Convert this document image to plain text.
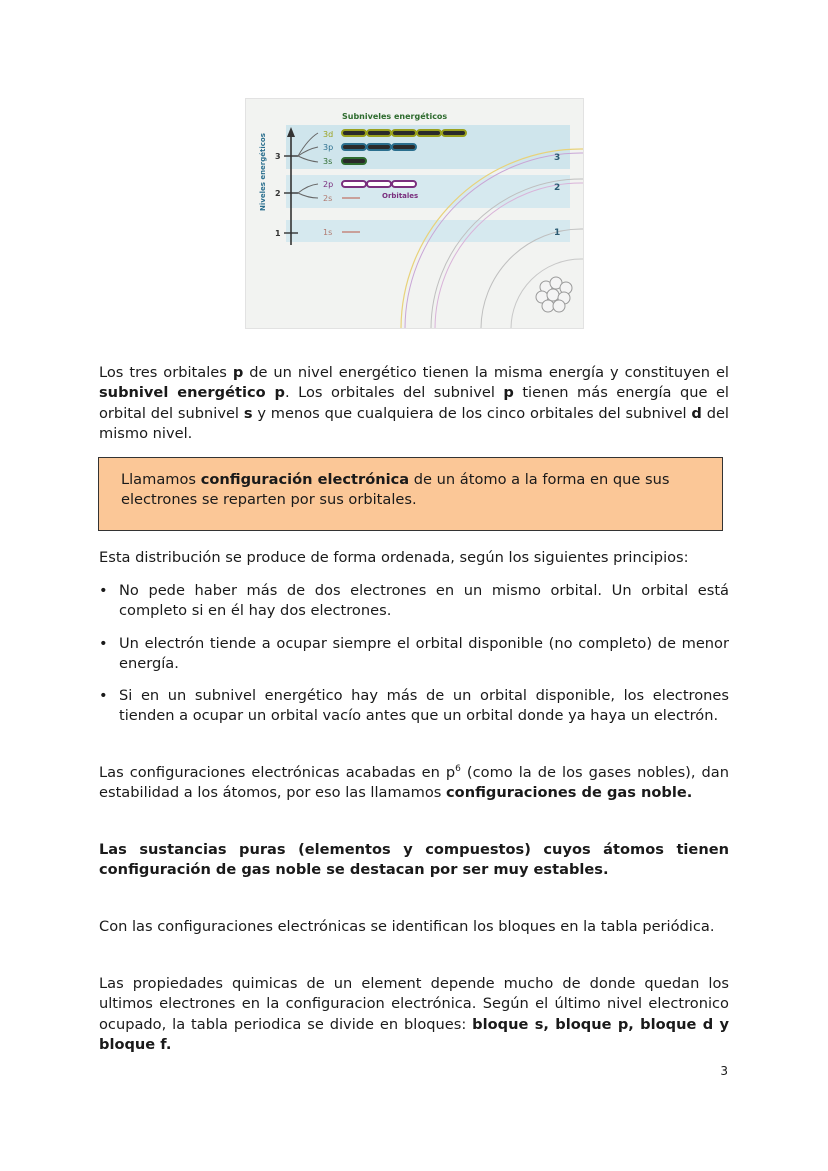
Subniveles energéticos
Niveles energéticos 3
2
1
3d
3p
3s
2p
2s
1s
Orbitales
3
2
1

Los tres orbitales p de un nivel energético tienen la misma energía y constituyen el subnivel energético p. Los orbitales del subnivel p tienen más energía que el orbital del subnivel s y menos que cualquiera de los cinco orbitales del subnivel d del mismo nivel.

Llamamos configuración electrónica de un átomo a la forma en que sus electrones se reparten por sus orbitales.

Esta distribución se produce de forma ordenada, según los siguientes principios:

• No pede haber más de dos electrones en un mismo orbital. Un orbital está completo si en él hay dos electrones.
• Un electrón tiende a ocupar siempre el orbital disponible (no completo) de menor energía.
• Si en un subnivel energético hay más de un orbital disponible, los electrones tienden a ocupar un orbital vacío antes que un orbital donde ya haya un electrón.

Las configuraciones electrónicas acabadas en $p^6$ (como la de los gases nobles), dan estabilidad a los átomos, por eso las llamamos configuraciones de gas noble.

Las sustancias puras (elementos y compuestos) cuyos átomos tienen configuración de gas noble se destacan por ser muy estables.

Con las configuraciones electrónicas se identifican los bloques en la tabla periódica.

Las propiedades quimicas de un element depende mucho de donde quedan los ultimos electrones en la configuracion electrónica. Según el último nivel electronico ocupado, la tabla periodica se divide en bloques: bloque s, bloque p, bloque d y bloque f.

3
